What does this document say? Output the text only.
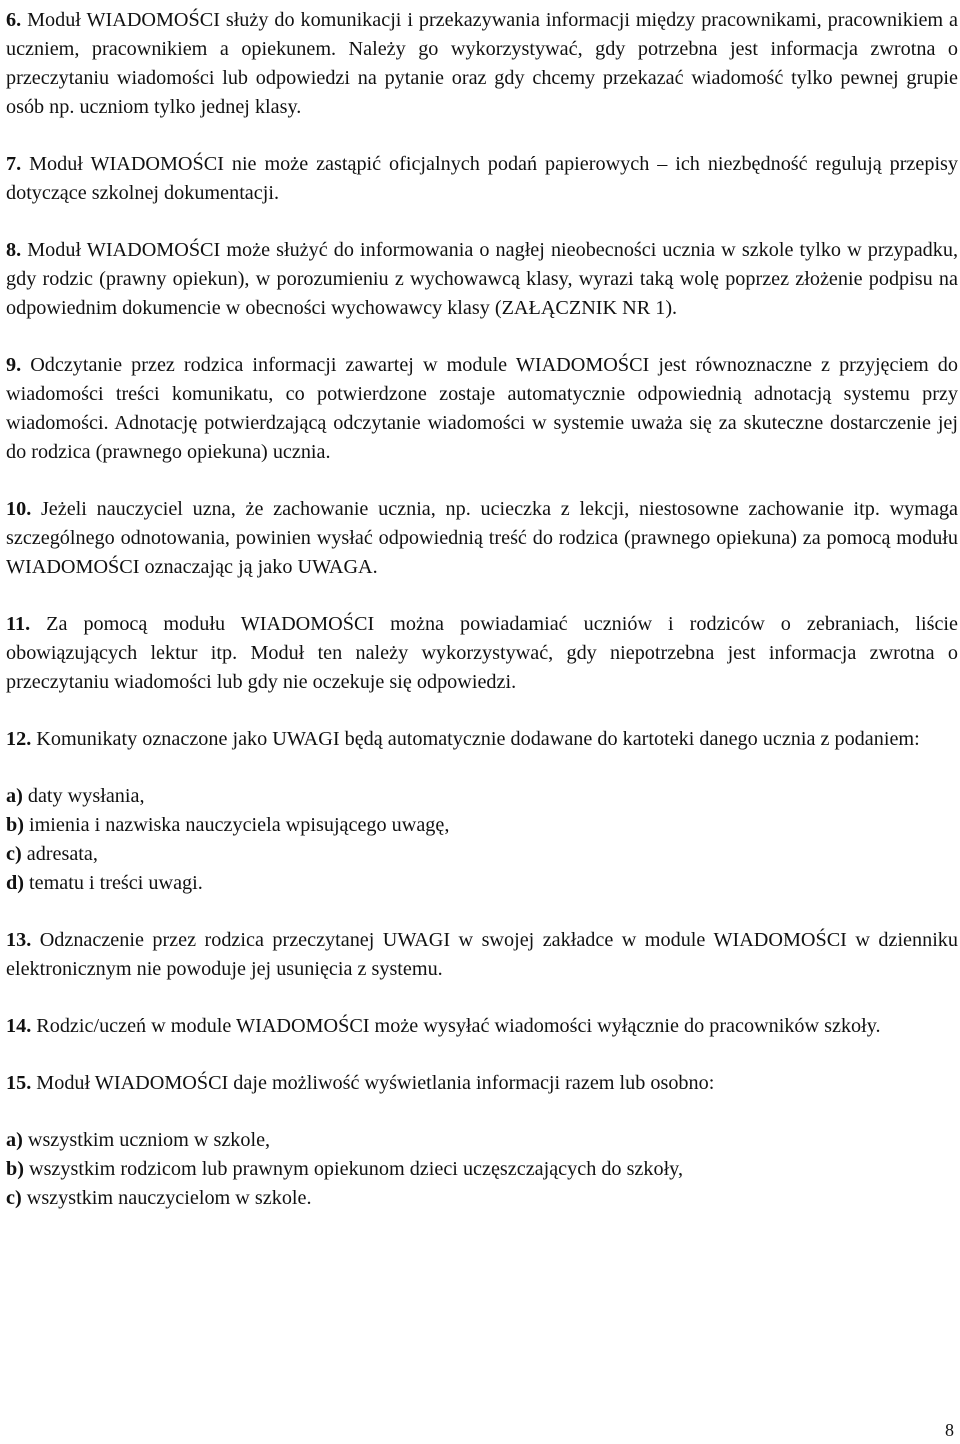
6. Moduł WIADOMOŚCI służy do komunikacji i przekazywania informacji między pracownikami, pracownikiem a uczniem, pracownikiem a opiekunem. Należy go wykorzystywać, gdy potrzebna jest informacja zwrotna o przeczytaniu wiadomości lub odpowiedzi na pytanie oraz gdy chcemy przekazać wiadomość tylko pewnej grupie osób np. uczniom tylko jednej klasy.

7. Moduł WIADOMOŚCI nie może zastąpić oficjalnych podań papierowych – ich niezbędność regulują przepisy dotyczące szkolnej dokumentacji.

8. Moduł WIADOMOŚCI może służyć do informowania o nagłej nieobecności ucznia w szkole tylko w przypadku, gdy rodzic (prawny opiekun), w porozumieniu z wychowawcą klasy, wyrazi taką wolę poprzez złożenie podpisu na odpowiednim dokumencie w obecności wychowawcy klasy (ZAŁĄCZNIK NR 1).

9. Odczytanie przez rodzica informacji zawartej w module WIADOMOŚCI jest równoznaczne z przyjęciem do wiadomości treści komunikatu, co potwierdzone zostaje automatycznie odpowiednią adnotacją systemu przy wiadomości. Adnotację potwierdzającą odczytanie wiadomości w systemie uważa się za skuteczne dostarczenie jej do rodzica (prawnego opiekuna) ucznia.

10. Jeżeli nauczyciel uzna, że zachowanie ucznia, np. ucieczka z lekcji, niestosowne zachowanie itp. wymaga szczególnego odnotowania, powinien wysłać odpowiednią treść do rodzica (prawnego opiekuna) za pomocą modułu WIADOMOŚCI oznaczając ją jako UWAGA.

11. Za pomocą modułu WIADOMOŚCI można powiadamiać uczniów i rodziców o zebraniach, liście obowiązujących lektur itp. Moduł ten należy wykorzystywać, gdy niepotrzebna jest informacja zwrotna o przeczytaniu wiadomości lub gdy nie oczekuje się odpowiedzi.

12. Komunikaty oznaczone jako UWAGI będą automatycznie dodawane do kartoteki danego ucznia z podaniem:

a) daty wysłania,

b) imienia i nazwiska nauczyciela wpisującego uwagę,

c) adresata,

d) tematu i treści uwagi.

13. Odznaczenie przez rodzica przeczytanej UWAGI w swojej zakładce w module WIADOMOŚCI w dzienniku elektronicznym nie powoduje jej usunięcia z systemu.

14. Rodzic/uczeń w module WIADOMOŚCI może wysyłać wiadomości wyłącznie do pracowników szkoły.

15. Moduł WIADOMOŚCI daje możliwość wyświetlania informacji razem lub osobno:

a) wszystkim uczniom w szkole,

b) wszystkim rodzicom lub prawnym opiekunom dzieci uczęszczających do szkoły,

c) wszystkim nauczycielom w szkole.

8
